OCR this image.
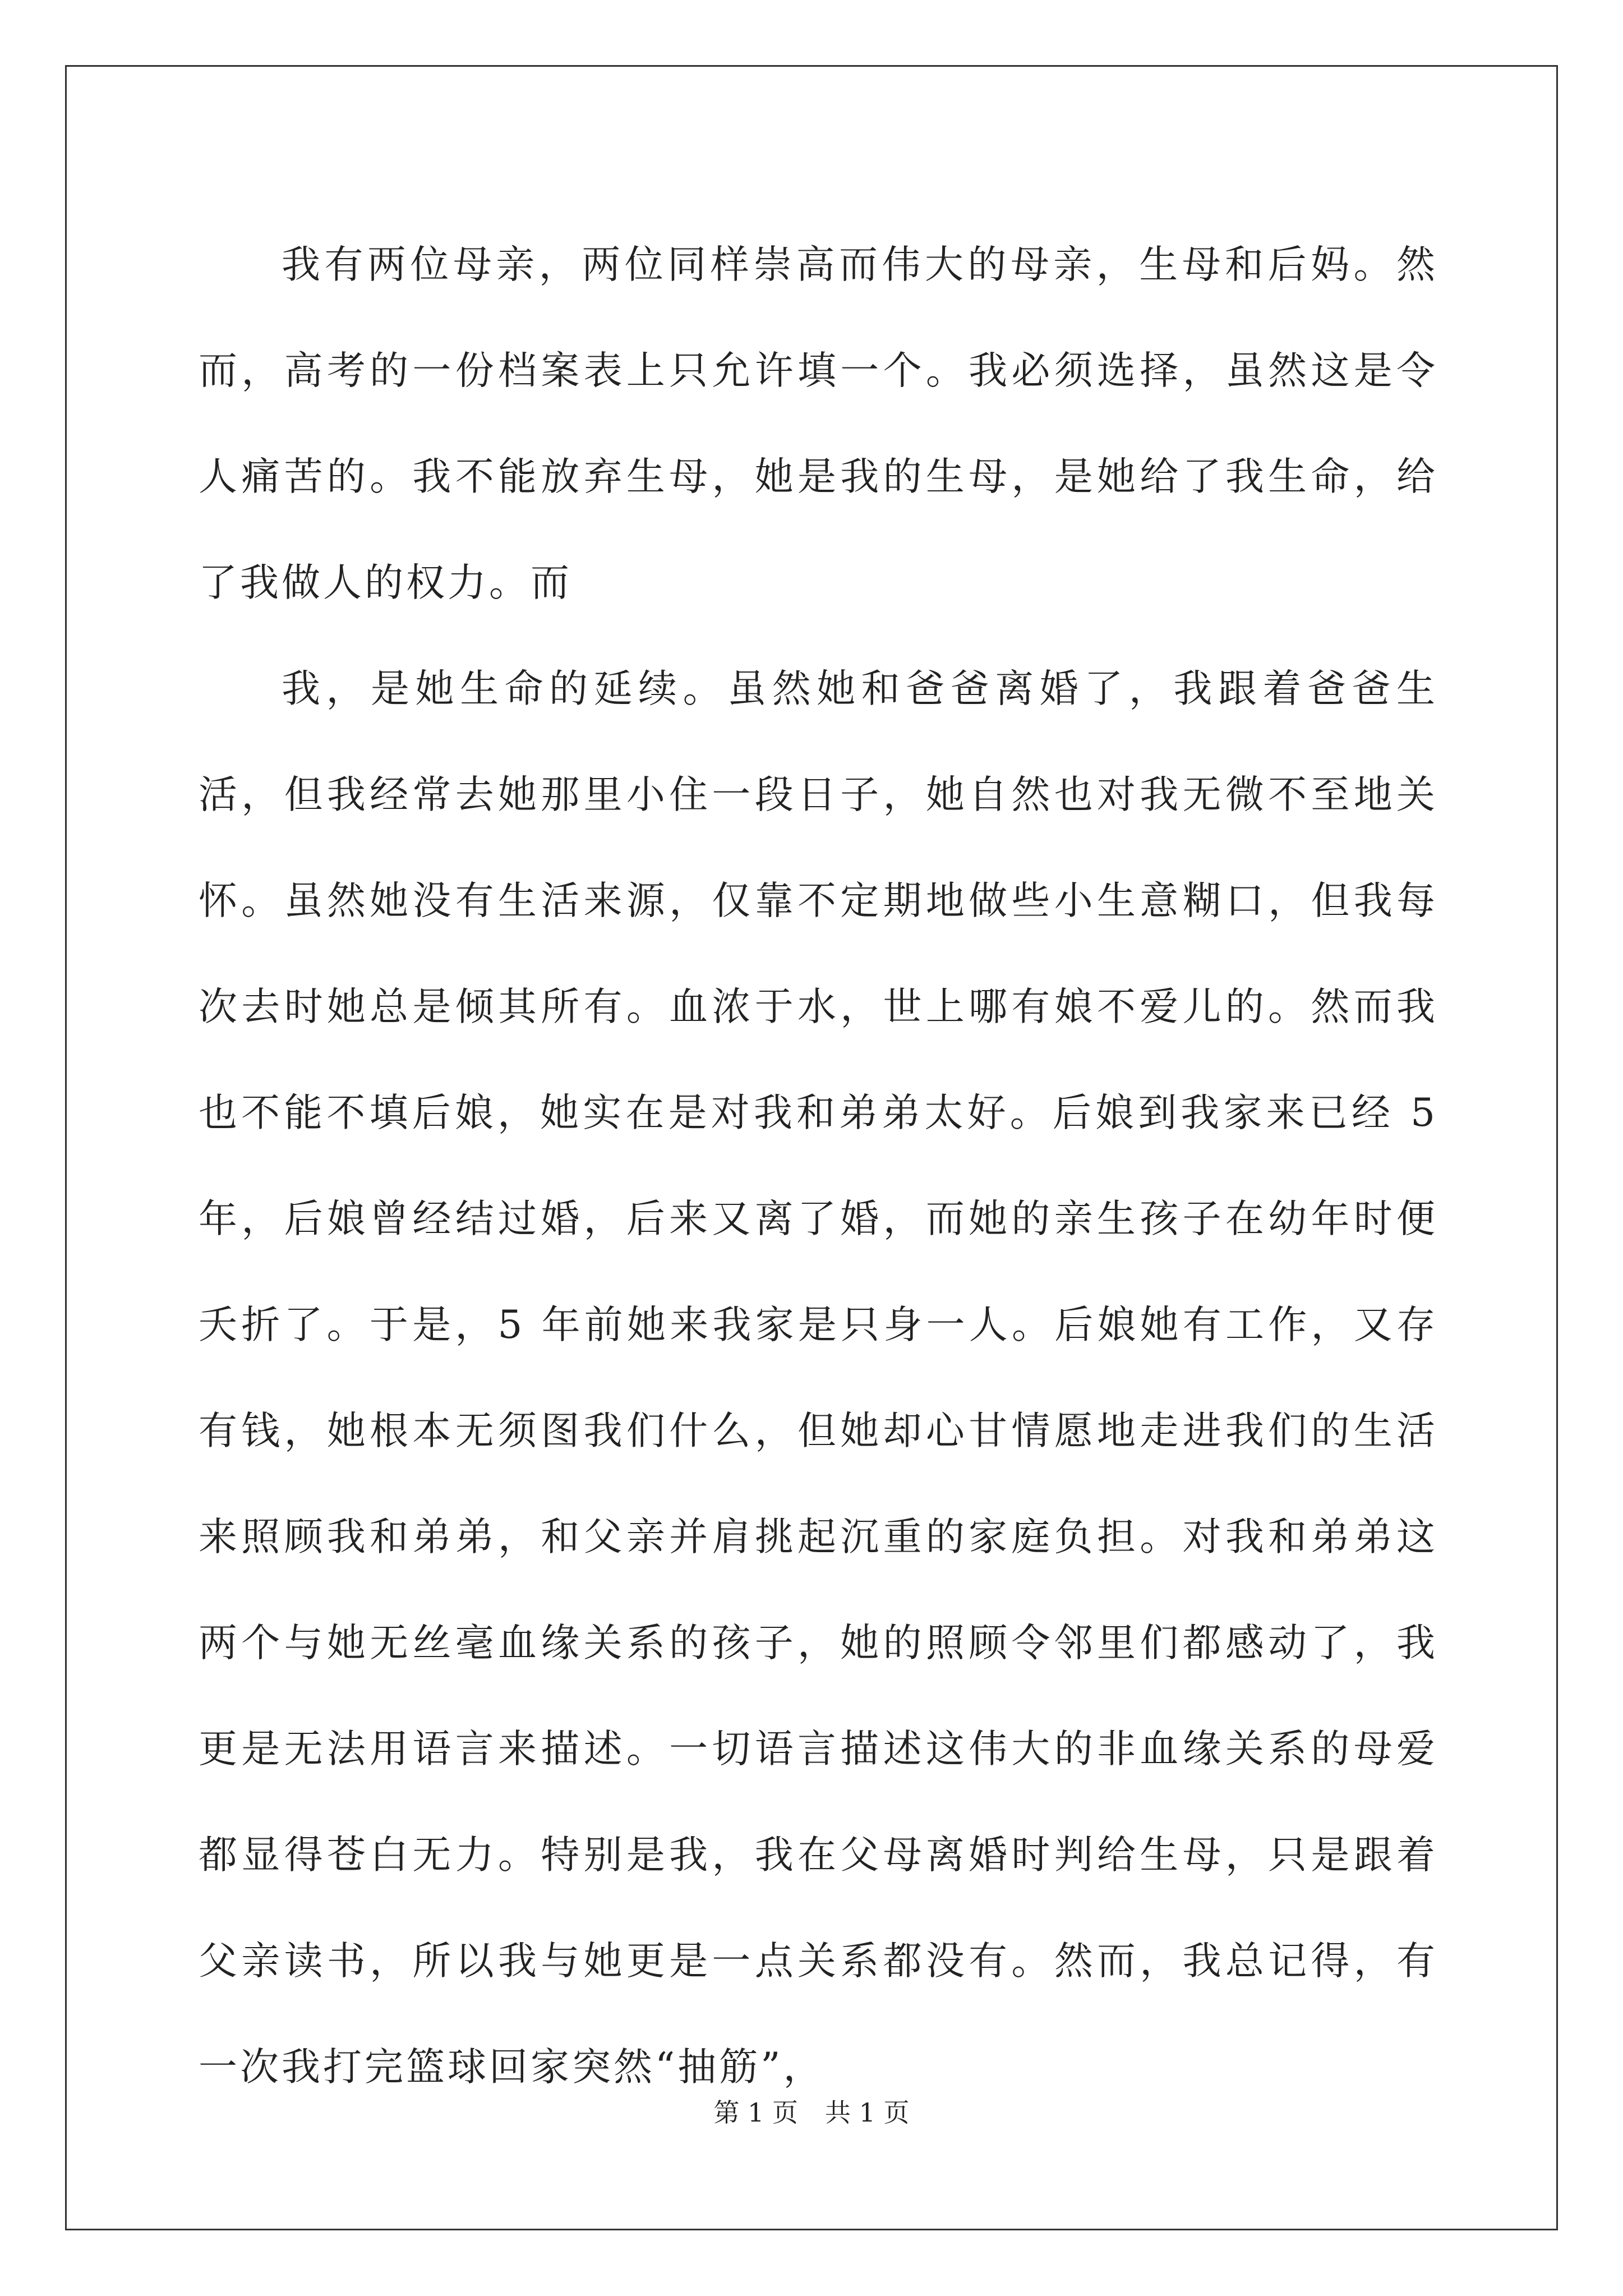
我有两位母亲，两位同样崇高而伟大的母亲，生母和后妈。然而，高考的一份档案表上只允许填一个。我必须选择，虽然这是令人痛苦的。我不能放弃生母，她是我的生母，是她给了我生命，给了我做人的权力。而

我，是她生命的延续。虽然她和爸爸离婚了，我跟着爸爸生活，但我经常去她那里小住一段日子，她自然也对我无微不至地关怀。虽然她没有生活来源，仅靠不定期地做些小生意糊口，但我每次去时她总是倾其所有。血浓于水，世上哪有娘不爱儿的。然而我也不能不填后娘，她实在是对我和弟弟太好。后娘到我家来已经 5 年，后娘曾经结过婚，后来又离了婚，而她的亲生孩子在幼年时便夭折了。于是，5 年前她来我家是只身一人。后娘她有工作，又存有钱，她根本无须图我们什么，但她却心甘情愿地走进我们的生活来照顾我和弟弟，和父亲并肩挑起沉重的家庭负担。对我和弟弟这两个与她无丝毫血缘关系的孩子，她的照顾令邻里们都感动了，我更是无法用语言来描述。一切语言描述这伟大的非血缘关系的母爱都显得苍白无力。特别是我，我在父母离婚时判给生母，只是跟着父亲读书，所以我与她更是一点关系都没有。然而，我总记得，有一次我打完篮球回家突然“抽筋”，

第 1 页 共 1 页
